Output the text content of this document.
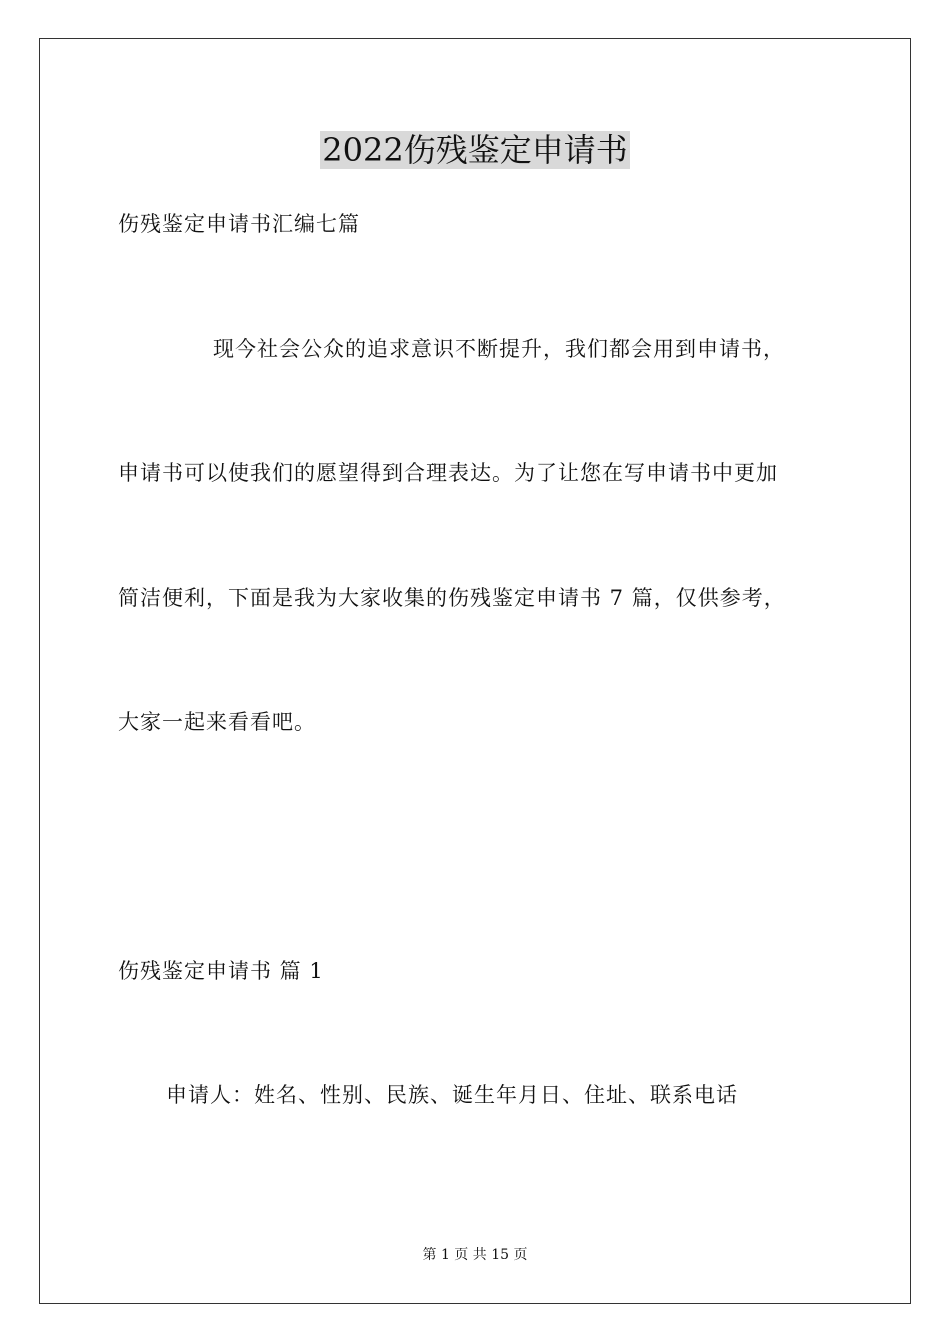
2022伤残鉴定申请书
伤残鉴定申请书汇编七篇
现今社会公众的追求意识不断提升，我们都会用到申请书，
申请书可以使我们的愿望得到合理表达。为了让您在写申请书中更加
简洁便利，下面是我为大家收集的伤残鉴定申请书 7 篇，仅供参考，
大家一起来看看吧。
伤残鉴定申请书 篇 1
申请人：姓名、性别、民族、诞生年月日、住址、联系电话
第 1 页 共 15 页
